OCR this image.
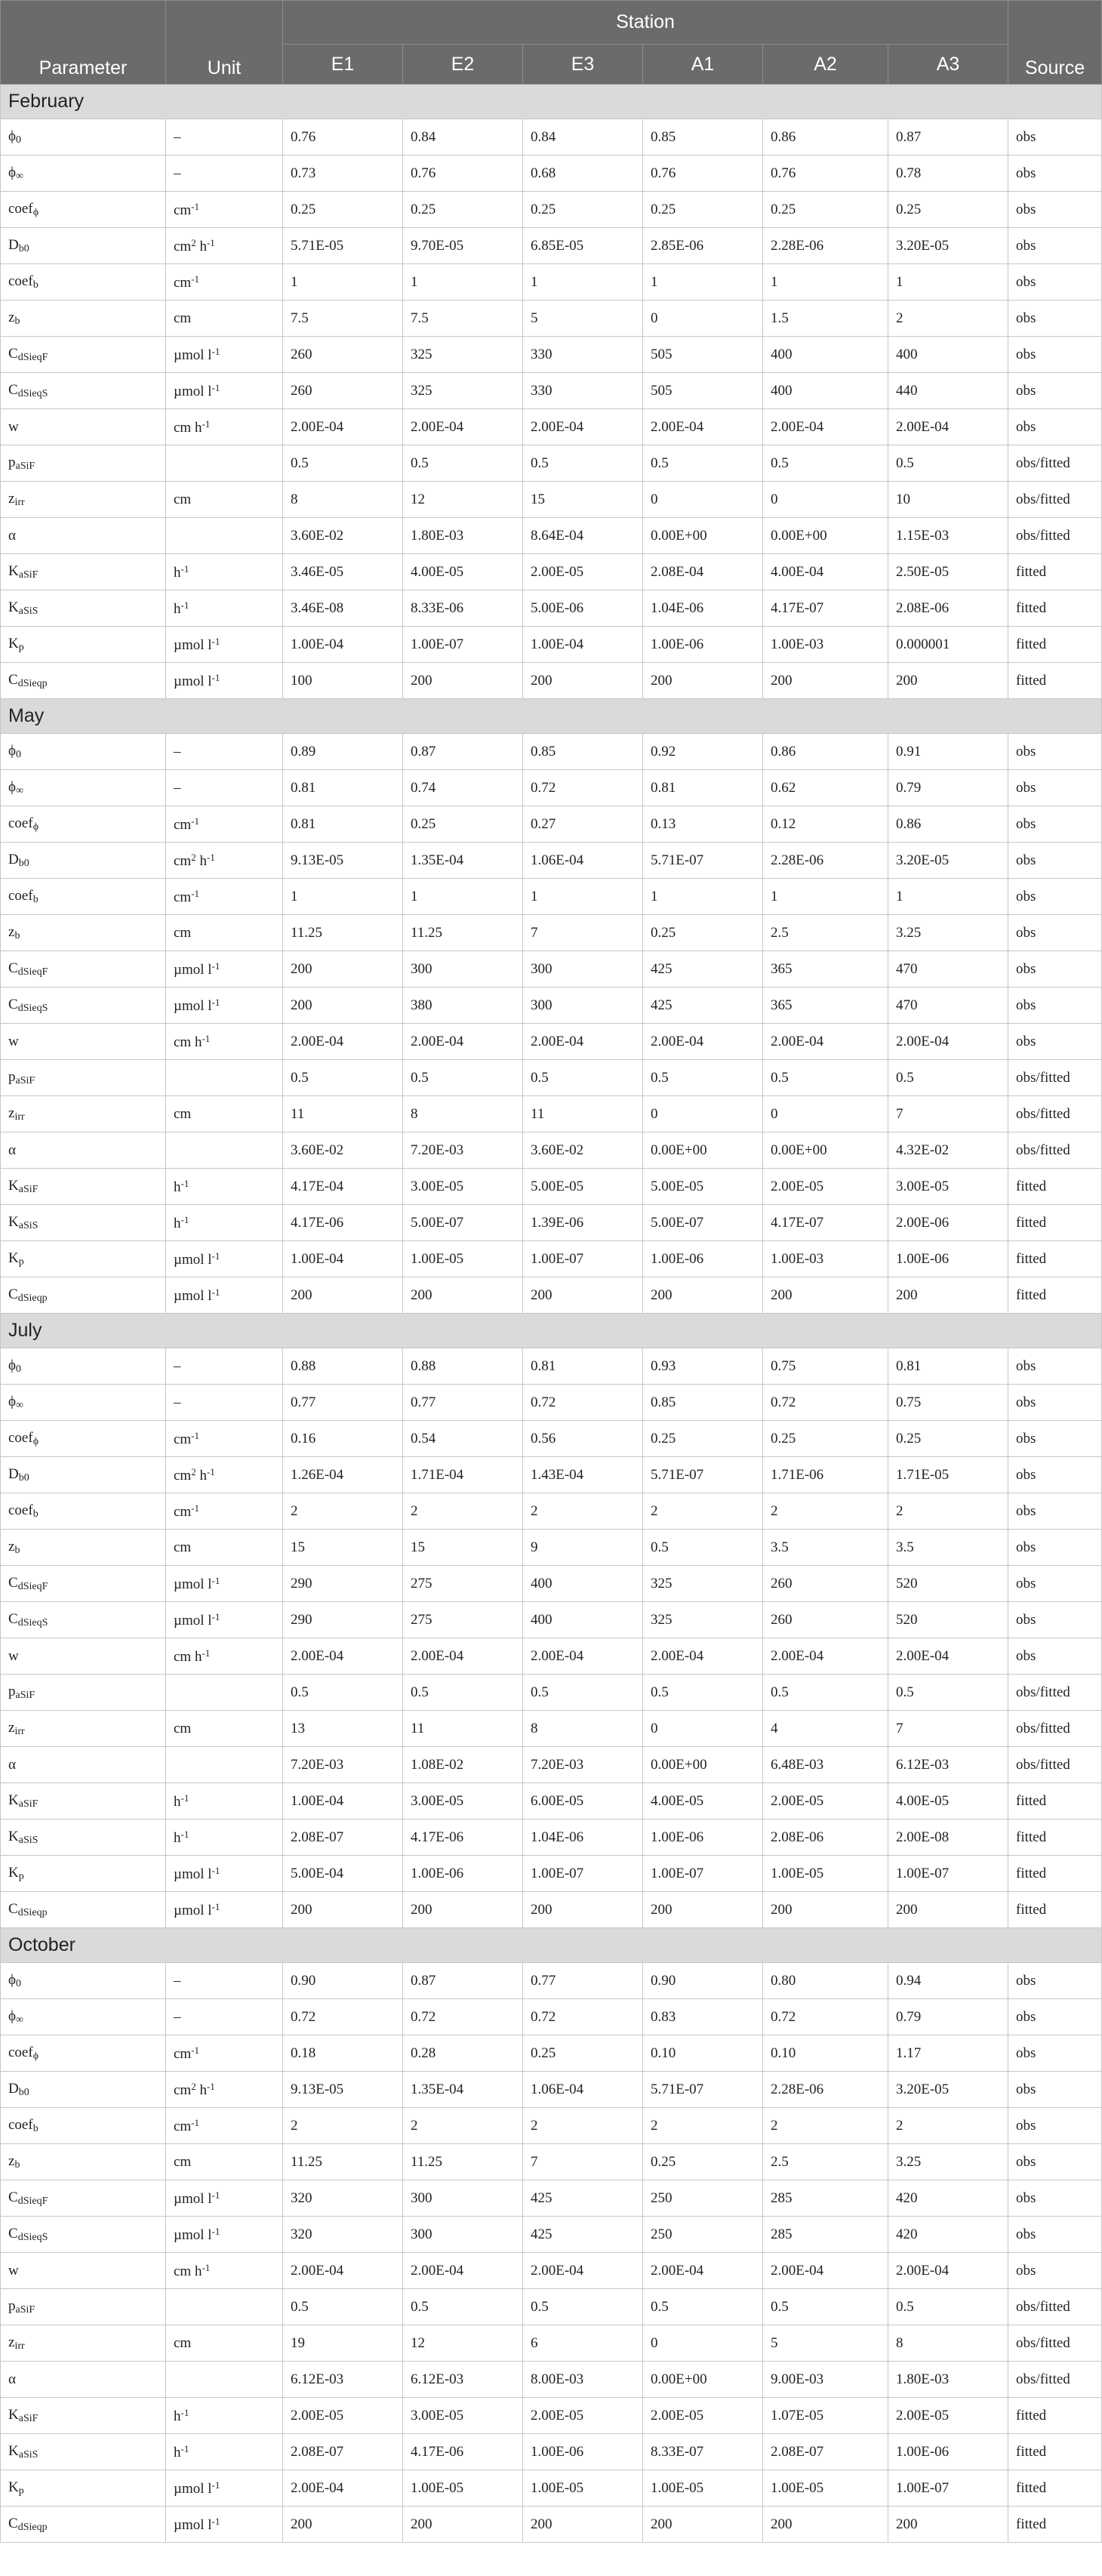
Parameter	Unit	Station						Source
		E1	E2	E3	A1	A2	A3	
February								
$\phi_0$	–	0.76	0.84	0.84	0.85	0.86	0.87	obs
$\phi_\infty$	–	0.73	0.76	0.68	0.76	0.76	0.78	obs
coef$_\phi$	$cm^{-1}$	0.25	0.25	0.25	0.25	0.25	0.25	obs
$D_{b0}$	$cm^2$ $h^{-1}$	5.71E-05	9.70E-05	6.85E-05	2.85E-06	2.28E-06	3.20E-05	obs
coef$_b$	$cm^{-1}$	1	1	1	1	1	1	obs
$z_b$	cm	7.5	7.5	5	0	1.5	2	obs
$C_{dSieqF}$	µmol $l^{-1}$	260	325	330	505	400	400	obs
$C_{dSieqS}$	µmol $l^{-1}$	260	325	330	505	400	440	obs
w	cm $h^{-1}$	2.00E-04	2.00E-04	2.00E-04	2.00E-04	2.00E-04	2.00E-04	obs
$p_{aSiF}$		0.5	0.5	0.5	0.5	0.5	0.5	obs/fitted
$z_{irr}$	cm	8	12	15	0	0	10	obs/fitted
α		3.60E-02	1.80E-03	8.64E-04	0.00E+00	0.00E+00	1.15E-03	obs/fitted
$K_{aSiF}$	$h^{-1}$	3.46E-05	4.00E-05	2.00E-05	2.08E-04	4.00E-04	2.50E-05	fitted
$K_{aSiS}$	$h^{-1}$	3.46E-08	8.33E-06	5.00E-06	1.04E-06	4.17E-07	2.08E-06	fitted
$K_p$	µmol $l^{-1}$	1.00E-04	1.00E-07	1.00E-04	1.00E-06	1.00E-03	0.000001	fitted
$C_{dSieqp}$	µmol $l^{-1}$	100	200	200	200	200	200	fitted
May								
$\phi_0$	–	0.89	0.87	0.85	0.92	0.86	0.91	obs
$\phi_\infty$	–	0.81	0.74	0.72	0.81	0.62	0.79	obs
coef$_\phi$	$cm^{-1}$	0.81	0.25	0.27	0.13	0.12	0.86	obs
$D_{b0}$	$cm^2$ $h^{-1}$	9.13E-05	1.35E-04	1.06E-04	5.71E-07	2.28E-06	3.20E-05	obs
coef$_b$	$cm^{-1}$	1	1	1	1	1	1	obs
$z_b$	cm	11.25	11.25	7	0.25	2.5	3.25	obs
$C_{dSieqF}$	µmol $l^{-1}$	200	300	300	425	365	470	obs
$C_{dSieqS}$	µmol $l^{-1}$	200	380	300	425	365	470	obs
w	cm $h^{-1}$	2.00E-04	2.00E-04	2.00E-04	2.00E-04	2.00E-04	2.00E-04	obs
$p_{aSiF}$		0.5	0.5	0.5	0.5	0.5	0.5	obs/fitted
$z_{irr}$	cm	11	8	11	0	0	7	obs/fitted
α		3.60E-02	7.20E-03	3.60E-02	0.00E+00	0.00E+00	4.32E-02	obs/fitted
$K_{aSiF}$	$h^{-1}$	4.17E-04	3.00E-05	5.00E-05	5.00E-05	2.00E-05	3.00E-05	fitted
$K_{aSiS}$	$h^{-1}$	4.17E-06	5.00E-07	1.39E-06	5.00E-07	4.17E-07	2.00E-06	fitted
$K_p$	µmol $l^{-1}$	1.00E-04	1.00E-05	1.00E-07	1.00E-06	1.00E-03	1.00E-06	fitted
$C_{dSieqp}$	µmol $l^{-1}$	200	200	200	200	200	200	fitted
July								
$\phi_0$	–	0.88	0.88	0.81	0.93	0.75	0.81	obs
$\phi_\infty$	–	0.77	0.77	0.72	0.85	0.72	0.75	obs
coef$_\phi$	$cm^{-1}$	0.16	0.54	0.56	0.25	0.25	0.25	obs
$D_{b0}$	$cm^2$ $h^{-1}$	1.26E-04	1.71E-04	1.43E-04	5.71E-07	1.71E-06	1.71E-05	obs
coef$_b$	$cm^{-1}$	2	2	2	2	2	2	obs
$z_b$	cm	15	15	9	0.5	3.5	3.5	obs
$C_{dSieqF}$	µmol $l^{-1}$	290	275	400	325	260	520	obs
$C_{dSieqS}$	µmol $l^{-1}$	290	275	400	325	260	520	obs
w	cm $h^{-1}$	2.00E-04	2.00E-04	2.00E-04	2.00E-04	2.00E-04	2.00E-04	obs
$p_{aSiF}$		0.5	0.5	0.5	0.5	0.5	0.5	obs/fitted
$z_{irr}$	cm	13	11	8	0	4	7	obs/fitted
α		7.20E-03	1.08E-02	7.20E-03	0.00E+00	6.48E-03	6.12E-03	obs/fitted
$K_{aSiF}$	$h^{-1}$	1.00E-04	3.00E-05	6.00E-05	4.00E-05	2.00E-05	4.00E-05	fitted
$K_{aSiS}$	$h^{-1}$	2.08E-07	4.17E-06	1.04E-06	1.00E-06	2.08E-06	2.00E-08	fitted
$K_p$	µmol $l^{-1}$	5.00E-04	1.00E-06	1.00E-07	1.00E-07	1.00E-05	1.00E-07	fitted
$C_{dSieqp}$	µmol $l^{-1}$	200	200	200	200	200	200	fitted
October								
$\phi_0$	–	0.90	0.87	0.77	0.90	0.80	0.94	obs
$\phi_\infty$	–	0.72	0.72	0.72	0.83	0.72	0.79	obs
coef$_\phi$	$cm^{-1}$	0.18	0.28	0.25	0.10	0.10	1.17	obs
$D_{b0}$	$cm^2$ $h^{-1}$	9.13E-05	1.35E-04	1.06E-04	5.71E-07	2.28E-06	3.20E-05	obs
coef$_b$	$cm^{-1}$	2	2	2	2	2	2	obs
$z_b$	cm	11.25	11.25	7	0.25	2.5	3.25	obs
$C_{dSieqF}$	µmol $l^{-1}$	320	300	425	250	285	420	obs
$C_{dSieqS}$	µmol $l^{-1}$	320	300	425	250	285	420	obs
w	cm $h^{-1}$	2.00E-04	2.00E-04	2.00E-04	2.00E-04	2.00E-04	2.00E-04	obs
$p_{aSiF}$		0.5	0.5	0.5	0.5	0.5	0.5	obs/fitted
$z_{irr}$	cm	19	12	6	0	5	8	obs/fitted
α		6.12E-03	6.12E-03	8.00E-03	0.00E+00	9.00E-03	1.80E-03	obs/fitted
$K_{aSiF}$	$h^{-1}$	2.00E-05	3.00E-05	2.00E-05	2.00E-05	1.07E-05	2.00E-05	fitted
$K_{aSiS}$	$h^{-1}$	2.08E-07	4.17E-06	1.00E-06	8.33E-07	2.08E-07	1.00E-06	fitted
$K_p$	µmol $l^{-1}$	2.00E-04	1.00E-05	1.00E-05	1.00E-05	1.00E-05	1.00E-07	fitted
$C_{dSieqp}$	µmol $l^{-1}$	200	200	200	200	200	200	fitted
